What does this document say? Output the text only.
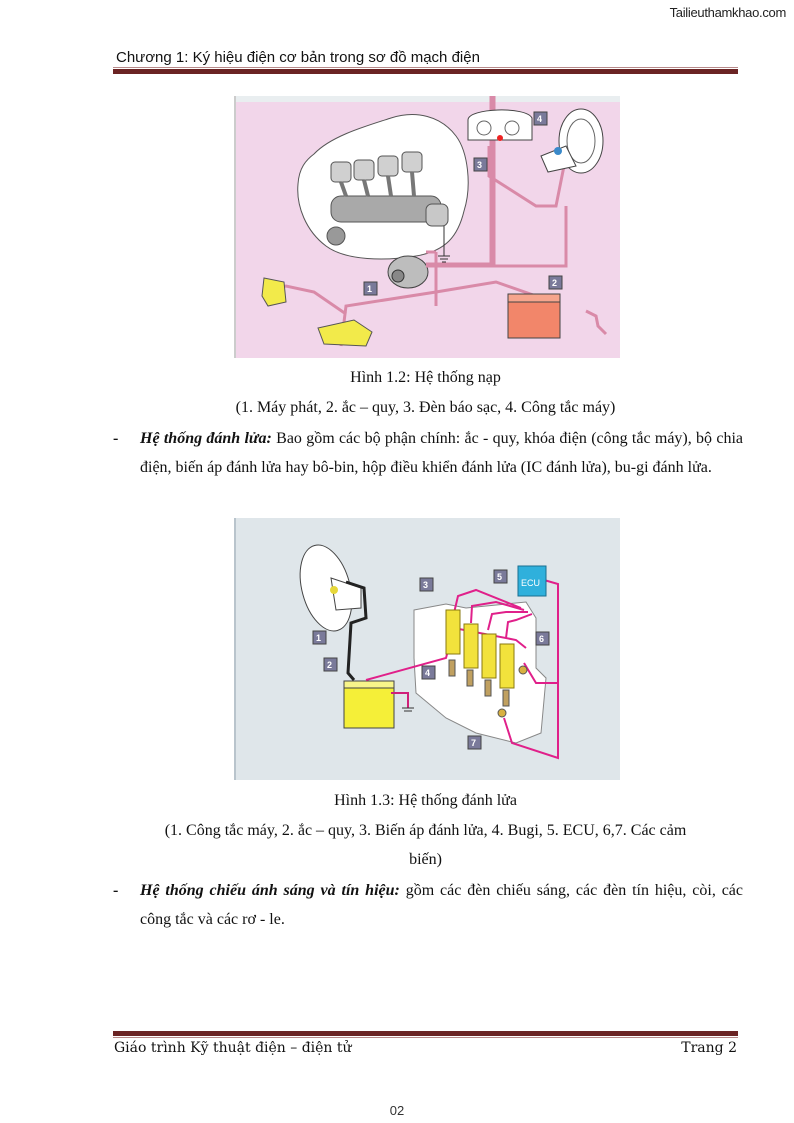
Tailieuthamkhao.com
Chương 1: Ký hiệu điện cơ bản trong sơ đồ mạch điện
1
2
3
4
Hình 1.2: Hệ thống nạp
(1. Máy phát, 2. ắc – quy, 3. Đèn báo sạc, 4. Công tắc máy)
- Hệ thống đánh lửa: Bao gồm các bộ phận chính: ắc - quy, khóa điện (công tắc máy), bộ chia điện, biến áp đánh lửa hay bô-bin, hộp điều khiển đánh lửa (IC đánh lửa), bu-gi đánh lửa.
ECU
1
2
3
4
5
6
7
Hình 1.3: Hệ thống đánh lửa
(1. Công tắc máy, 2. ắc – quy, 3. Biến áp đánh lửa, 4. Bugi, 5. ECU, 6,7. Các cảm
biến)
- Hệ thống chiếu ánh sáng và tín hiệu: gồm các đèn chiếu sáng, các đèn tín hiệu, còi, các công tắc và các rơ - le.
Giáo trình Kỹ thuật điện – điện tử	Trang 2
02
